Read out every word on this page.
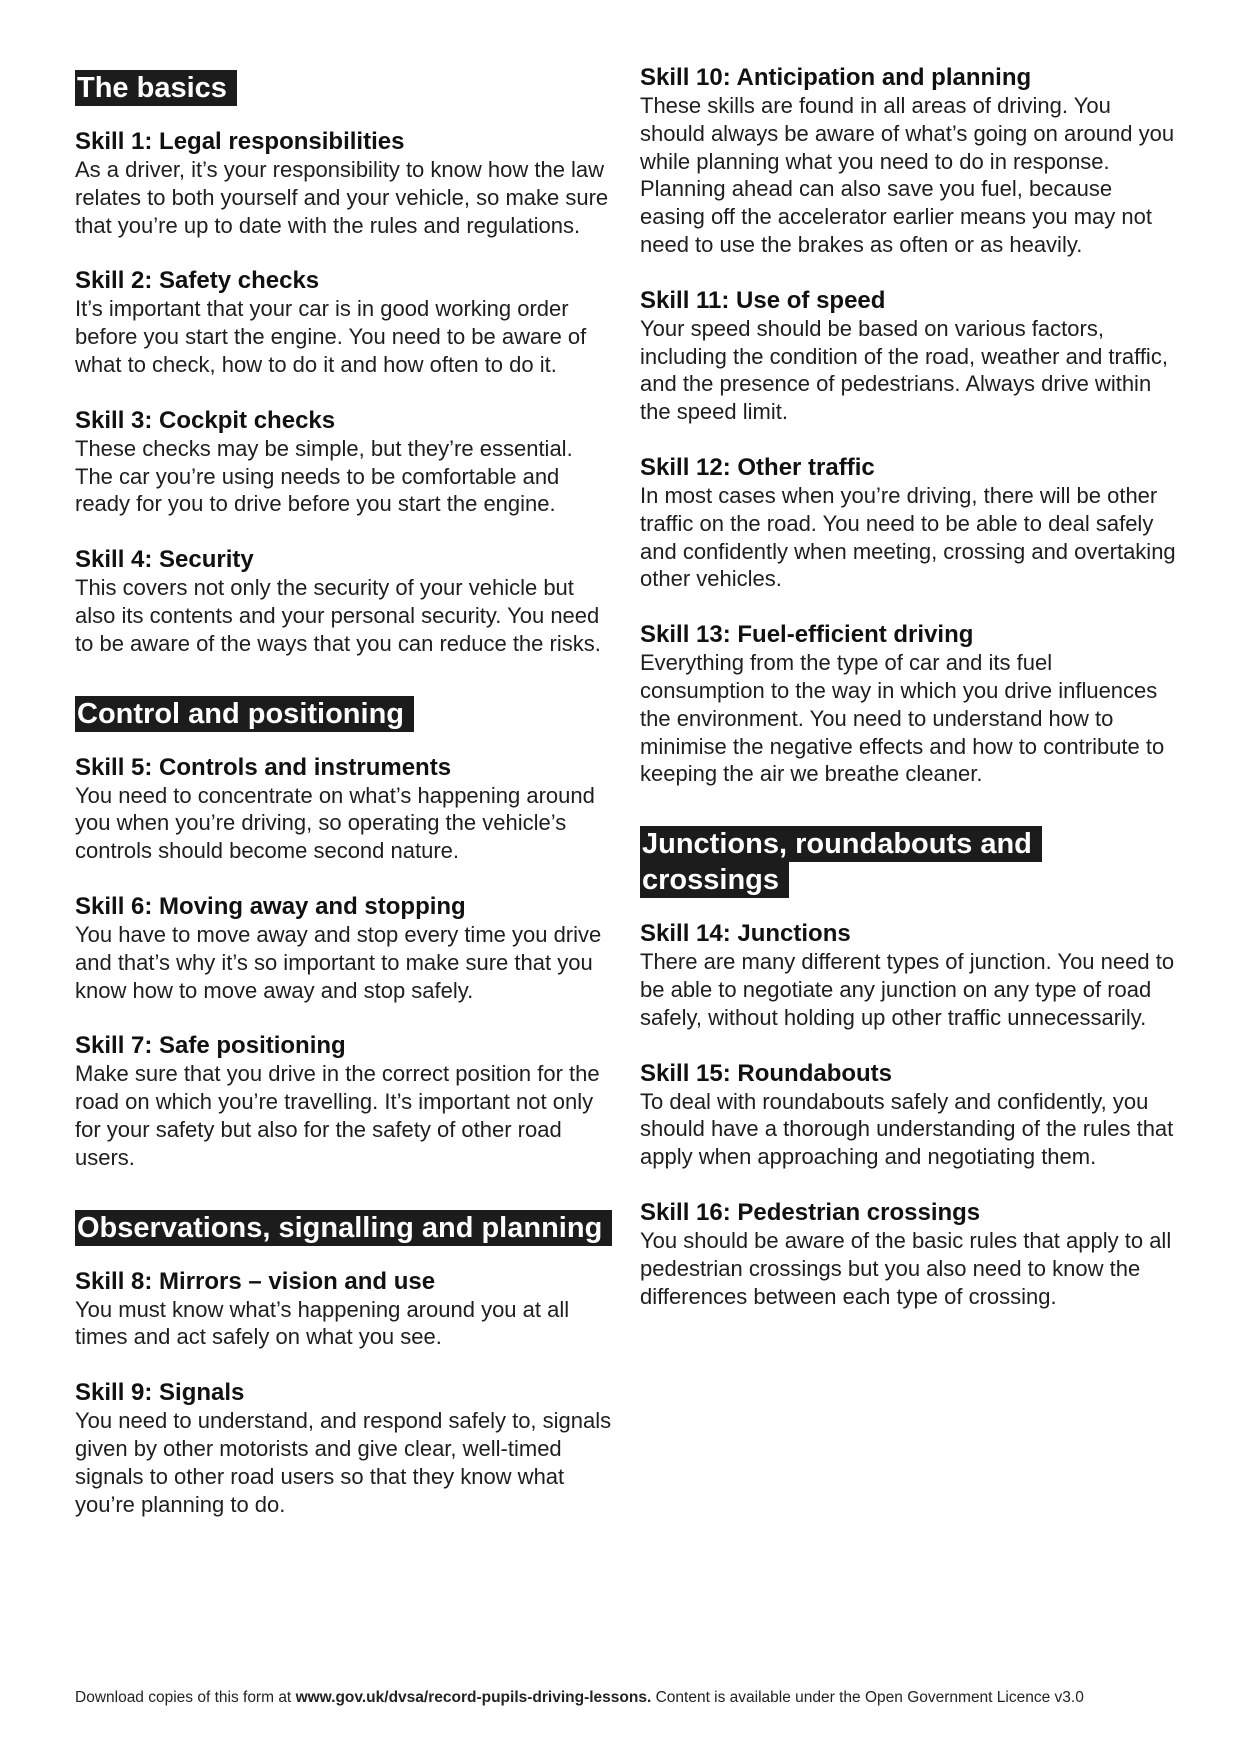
The basics
Skill 1: Legal responsibilities
As a driver, it’s your responsibility to know how the law relates to both yourself and your vehicle, so make sure that you’re up to date with the rules and regulations.
Skill 2: Safety checks
It’s important that your car is in good working order before you start the engine. You need to be aware of what to check, how to do it and how often to do it.
Skill 3: Cockpit checks
These checks may be simple, but they’re essential. The car you’re using needs to be comfortable and ready for you to drive before you start the engine.
Skill 4: Security
This covers not only the security of your vehicle but also its contents and your personal security. You need to be aware of the ways that you can reduce the risks.
Control and positioning
Skill 5: Controls and instruments
You need to concentrate on what’s happening around you when you’re driving, so operating the vehicle’s controls should become second nature.
Skill 6: Moving away and stopping
You have to move away and stop every time you drive and that’s why it’s so important to make sure that you know how to move away and stop safely.
Skill 7: Safe positioning
Make sure that you drive in the correct position for the road on which you’re travelling. It’s important not only for your safety but also for the safety of other road users.
Observations, signalling and planning
Skill 8: Mirrors – vision and use
You must know what’s happening around you at all times and act safely on what you see.
Skill 9: Signals
You need to understand, and respond safely to, signals given by other motorists and give clear, well-timed signals to other road users so that they know what you’re planning to do.
Skill 10: Anticipation and planning
These skills are found in all areas of driving. You should always be aware of what’s going on around you while planning what you need to do in response. Planning ahead can also save you fuel, because easing off the accelerator earlier means you may not need to use the brakes as often or as heavily.
Skill 11: Use of speed
Your speed should be based on various factors, including the condition of the road, weather and traffic, and the presence of pedestrians. Always drive within the speed limit.
Skill 12: Other traffic
In most cases when you’re driving, there will be other traffic on the road. You need to be able to deal safely and confidently when meeting, crossing and overtaking other vehicles.
Skill 13: Fuel-efficient driving
Everything from the type of car and its fuel consumption to the way in which you drive influences the environment. You need to understand how to minimise the negative effects and how to contribute to keeping the air we breathe cleaner.
Junctions, roundabouts and crossings
Skill 14: Junctions
There are many different types of junction. You need to be able to negotiate any junction on any type of road safely, without holding up other traffic unnecessarily.
Skill 15: Roundabouts
To deal with roundabouts safely and confidently, you should have a thorough understanding of the rules that apply when approaching and negotiating them.
Skill 16: Pedestrian crossings
You should be aware of the basic rules that apply to all pedestrian crossings but you also need to know the differences between each type of crossing.
Download copies of this form at www.gov.uk/dvsa/record-pupils-driving-lessons. Content is available under the Open Government Licence v3.0
